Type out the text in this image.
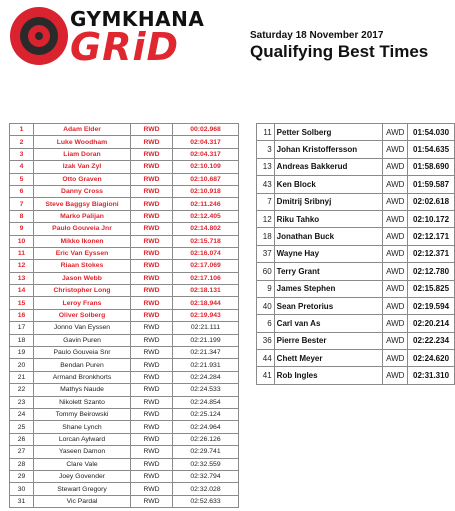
GYMKHANA
GRiD	Saturday 18 November 2017
Qualifying Best Times
1	Adam Elder	RWD	00:02.968
2	Luke Woodham	RWD	02:04.317
3	Liam Doran	RWD	02:04.317
4	Izak Van Zyl	RWD	02:10.109
5	Otto Graven	RWD	02:10.687
6	Danny Cross	RWD	02:10.918
7	Steve Baggsy Biagioni	RWD	02:11.246
8	Marko Palijan	RWD	02:12.405
9	Paulo Gouveia Jnr	RWD	02:14.802
10	Mikko Ikonen	RWD	02:15.718
11	Eric Van Eyssen	RWD	02:16.074
12	Riaan Stokes	RWD	02:17.069
13	Jason Webb	RWD	02:17.106
14	Christopher Long	RWD	02:18.131
15	Leroy Frans	RWD	02:18.944
16	Oliver Solberg	RWD	02:19.943
17	Jonno Van Eyssen	RWD	02:21.111
18	Gavin Puren	RWD	02:21.199
19	Paulo Gouveia Snr	RWD	02:21.347
20	Bendan Puren	RWD	02:21.931
21	Armand Bronkhorts	RWD	02:24.284
22	Mathys Naude	RWD	02:24.533
23	Nikolett Szanto	RWD	02:24.854
24	Tommy Beirowski	RWD	02:25.124
25	Shane Lynch	RWD	02:24.964
26	Lorcan Aylward	RWD	02:26.126
27	Yaseen Damon	RWD	02:29.741
28	Clare Vale	RWD	02:32.559
29	Joey Govender	RWD	02:32.794
30	Stewart Gregory	RWD	02:32.028
31	Vic Pardal	RWD	02:52.633
11	Petter Solberg	AWD	01:54.030
3	Johan Kristoffersson	AWD	01:54.635
13	Andreas Bakkerud	AWD	01:58.690
43	Ken Block	AWD	01:59.587
7	Dmitrij Sribnyj	AWD	02:02.618
12	Riku Tahko	AWD	02:10.172
18	Jonathan Buck	AWD	02:12.171
37	Wayne Hay	AWD	02:12.371
60	Terry Grant	AWD	02:12.780
9	James Stephen	AWD	02:15.825
40	Sean Pretorius	AWD	02:19.594
6	Carl van As	AWD	02:20.214
36	Pierre Bester	AWD	02:22.234
44	Chett Meyer	AWD	02:24.620
41	Rob Ingles	AWD	02:31.310
